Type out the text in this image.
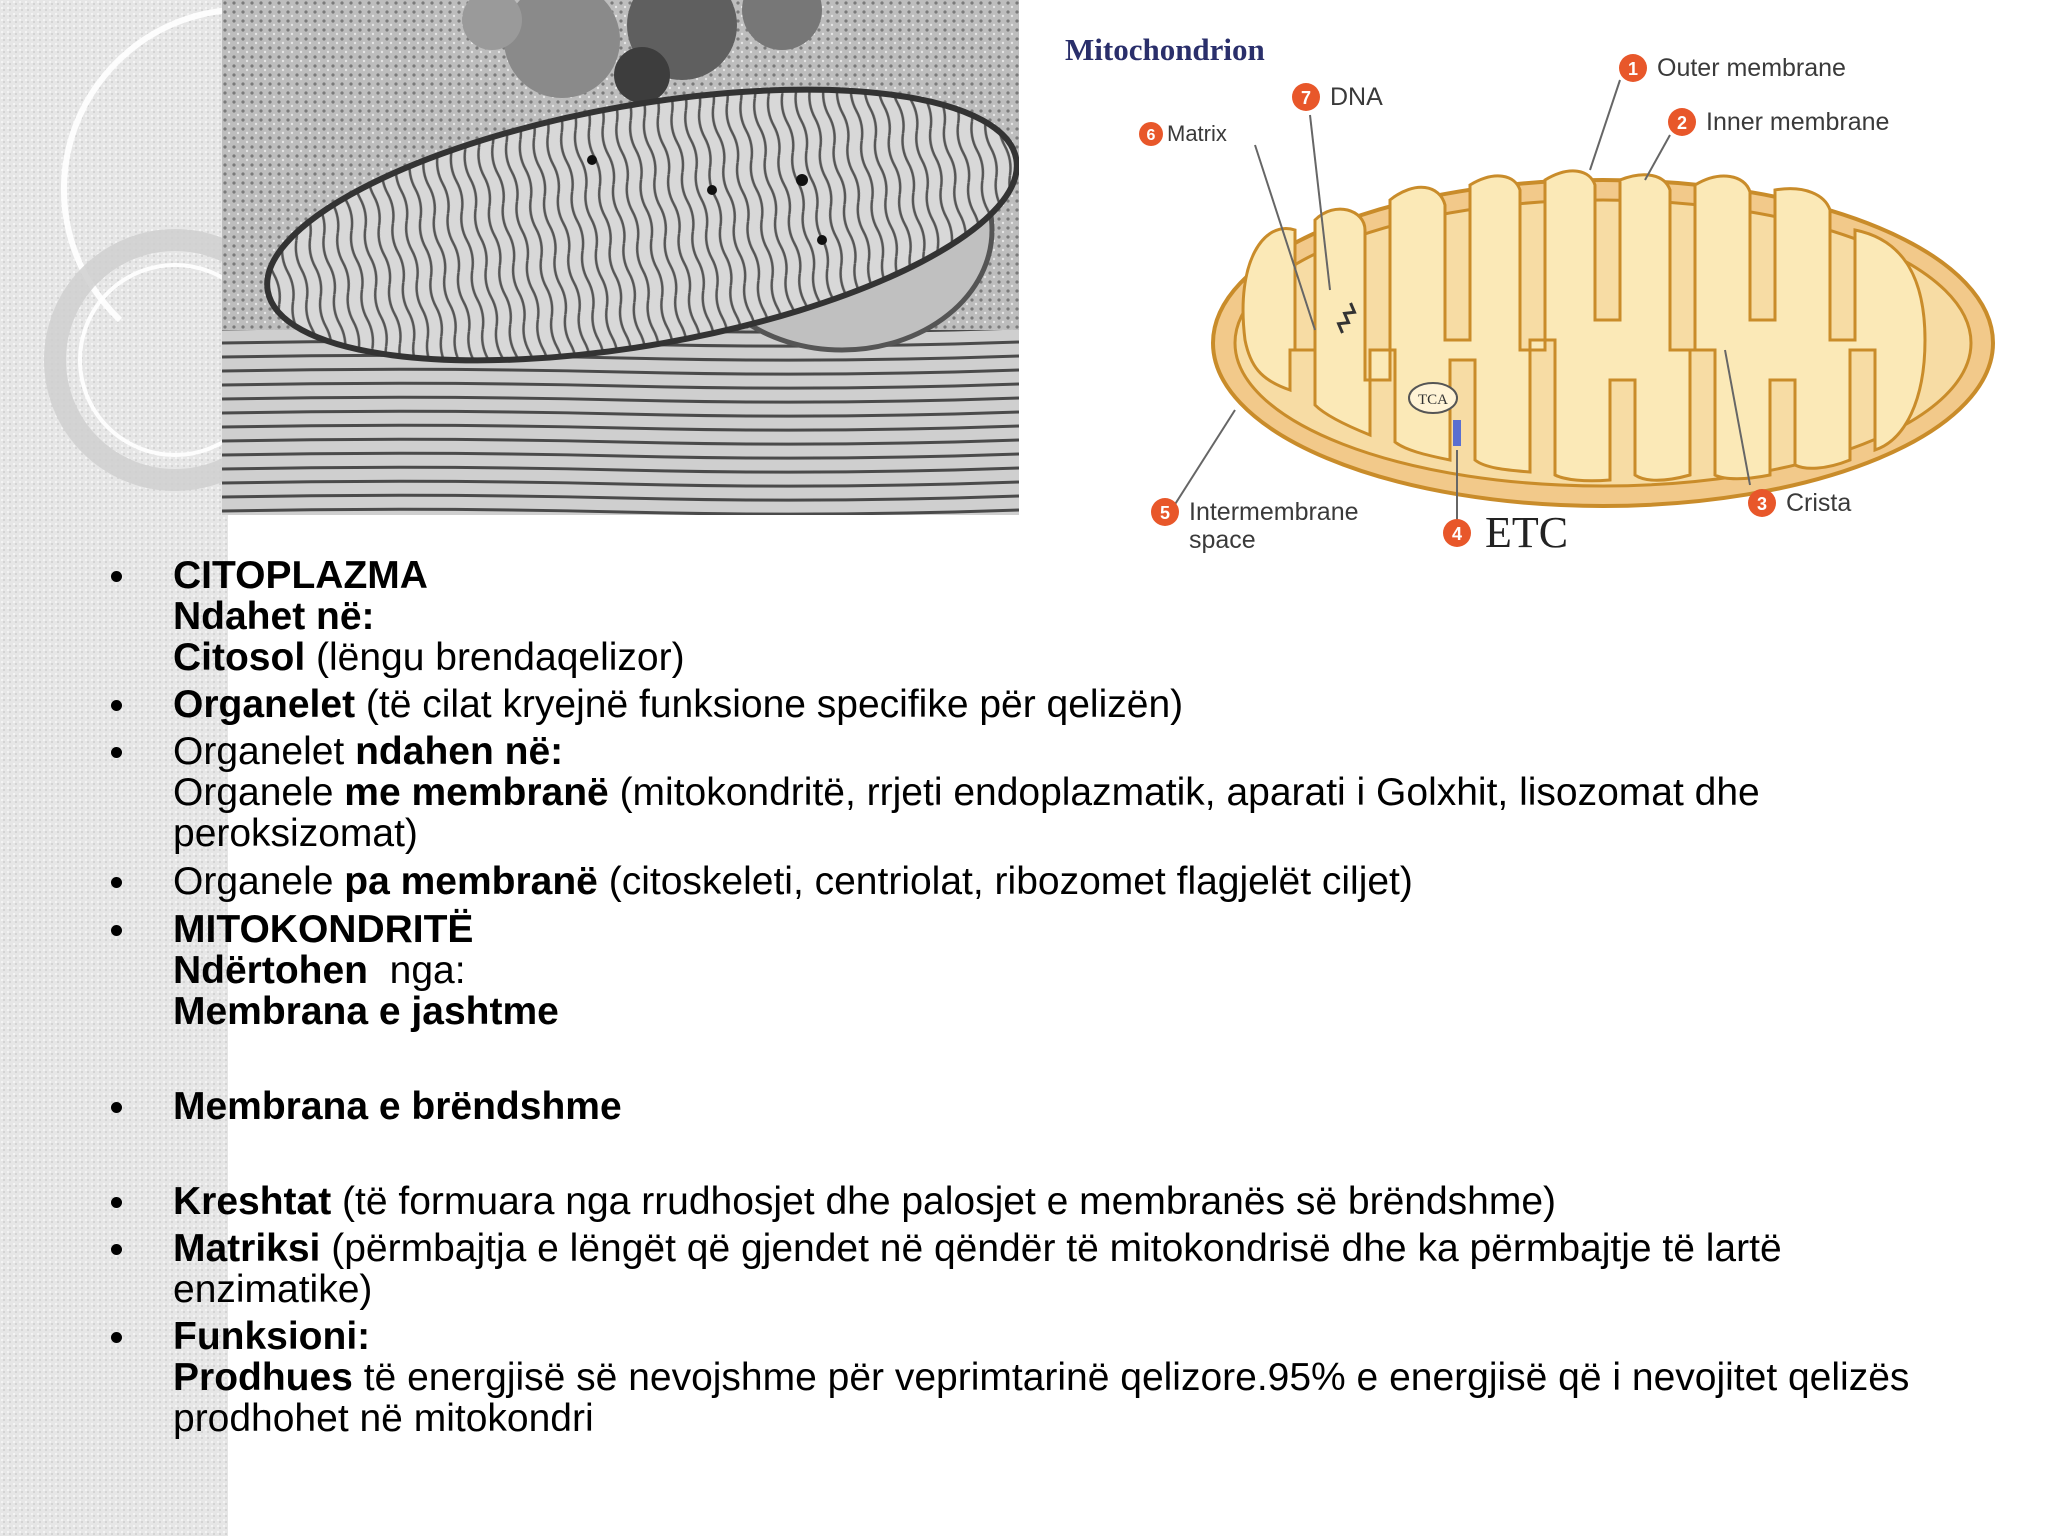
Mitochondrion
TCA
1 Outer membrane
2 Inner membrane
3 Crista
4 ETC
5 Intermembrane
space
6 Matrix
7 DNA
CITOPLAZMA
Ndahet në:
Citosol (lëngu brendaqelizor)
Organelet (të cilat kryejnë funksione specifike për qelizën)
Organelet ndahen në:
Organele me membranë (mitokondritë, rrjeti endoplazmatik, aparati i Golxhit, lisozomat dhe peroksizomat)
Organele pa membranë (citoskeleti, centriolat, ribozomet flagjelët ciljet)
MITOKONDRITË
Ndërtohen  nga:
Membrana e jashtme
Membrana e brëndshme
Kreshtat (të formuara nga rrudhosjet dhe palosjet e membranës së brëndshme)
Matriksi (përmbajtja e lëngët që gjendet në qëndër të mitokondrisë dhe ka përmbajtje të lartë enzimatike)
Funksioni:
Prodhues të energjisë së nevojshme për veprimtarinë qelizore.95% e energjisë që i nevojitet qelizës prodhohet në mitokondri
